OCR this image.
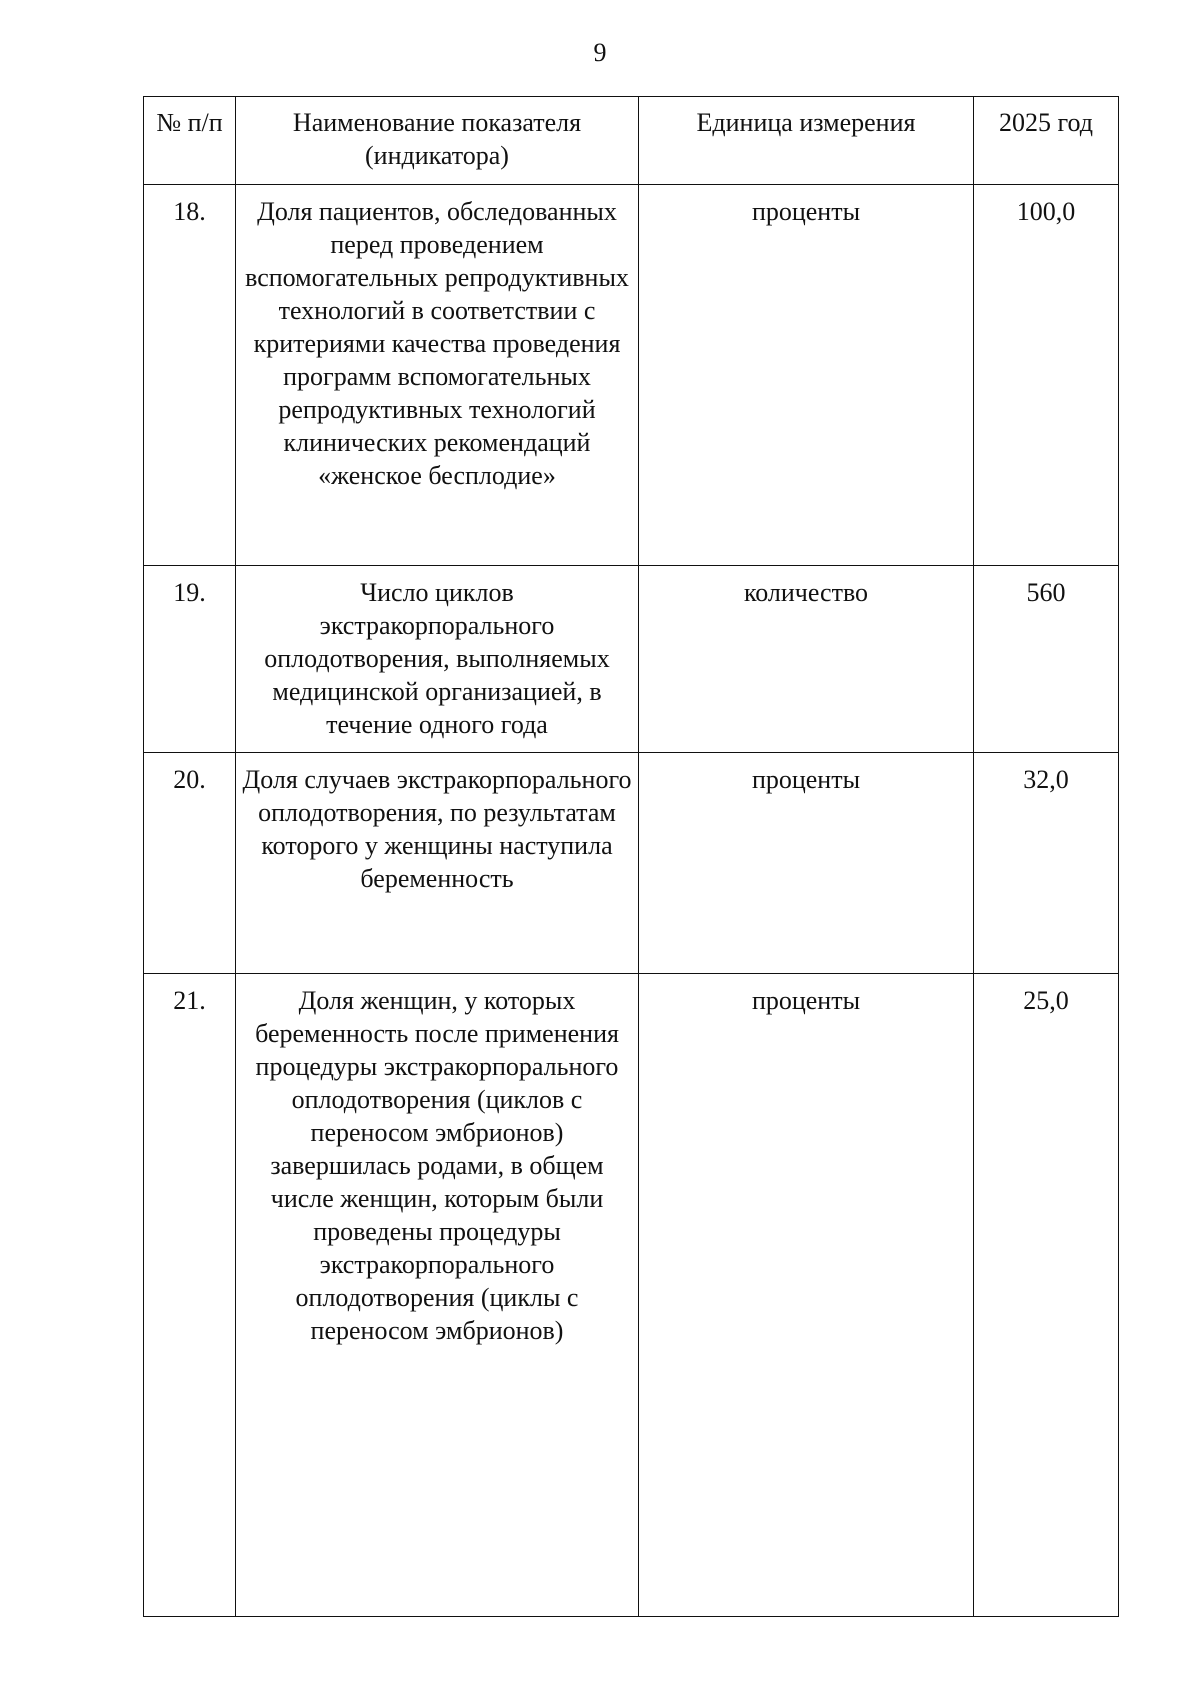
9
№ п/п	Наименование показателя (индикатора)	Единица измерения	2025 год

18.	Доля пациентов, обследованных перед проведением вспомогательных репродуктивных технологий в соответствии с критериями качества проведения программ вспомогательных репродуктивных технологий клинических рекомендаций «женское бесплодие»	проценты	100,0

19.	Число циклов экстракорпорального оплодотворения, выполняемых медицинской организацией, в течение одного года	количество	560

20.	Доля случаев экстракорпорального оплодотворения, по результатам которого у женщины наступила беременность	проценты	32,0

21.	Доля женщин, у которых беременность после применения процедуры экстракорпорального оплодотворения (циклов с переносом эмбрионов) завершилась родами, в общем числе женщин, которым были проведены процедуры экстракорпорального оплодотворения (циклы с переносом эмбрионов)	проценты	25,0
